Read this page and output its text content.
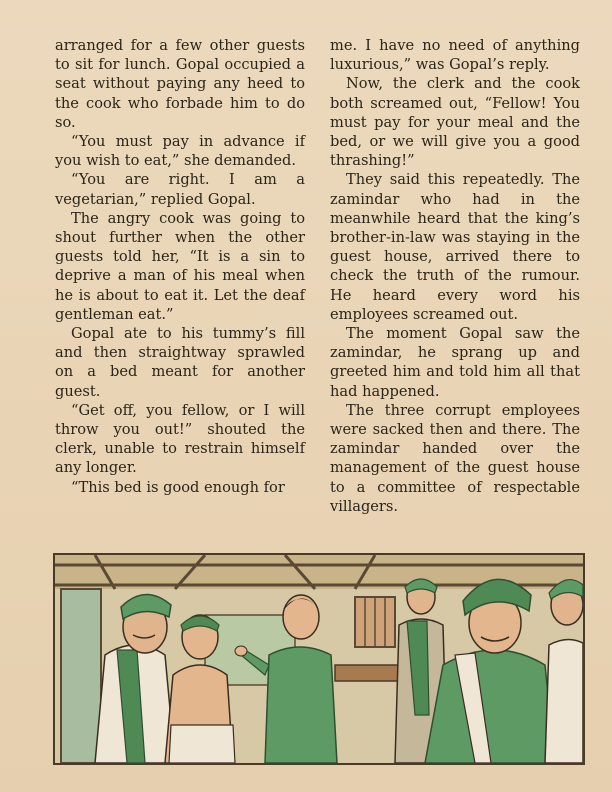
arranged for a few other guests to sit for lunch. Gopal occupied a seat without paying any heed to the cook who forbade him to do so.

“You must pay in advance if you wish to eat,” she demanded.

“You are right. I am a vegetarian,” replied Gopal.

The angry cook was going to shout further when the other guests told her, “It is a sin to deprive a man of his meal when he is about to eat it. Let the deaf gentleman eat.”

Gopal ate to his tummy’s fill and then straightway sprawled on a bed meant for another guest.

“Get off, you fellow, or I will throw you out!” shouted the clerk, unable to restrain himself any longer.

“This bed is good enough for

me. I have no need of anything luxurious,” was Gopal’s reply.

Now, the clerk and the cook both screamed out, “Fellow! You must pay for your meal and the bed, or we will give you a good thrashing!”

They said this repeatedly. The zamindar who had in the meanwhile heard that the king’s brother-in-law was staying in the guest house, arrived there to check the truth of the rumour. He heard every word his employees screamed out.

The moment Gopal saw the zamindar, he sprang up and greeted him and told him all that had happened.

The three corrupt employees were sacked then and there. The zamindar handed over the management of the guest house to a committee of respectable villagers.
